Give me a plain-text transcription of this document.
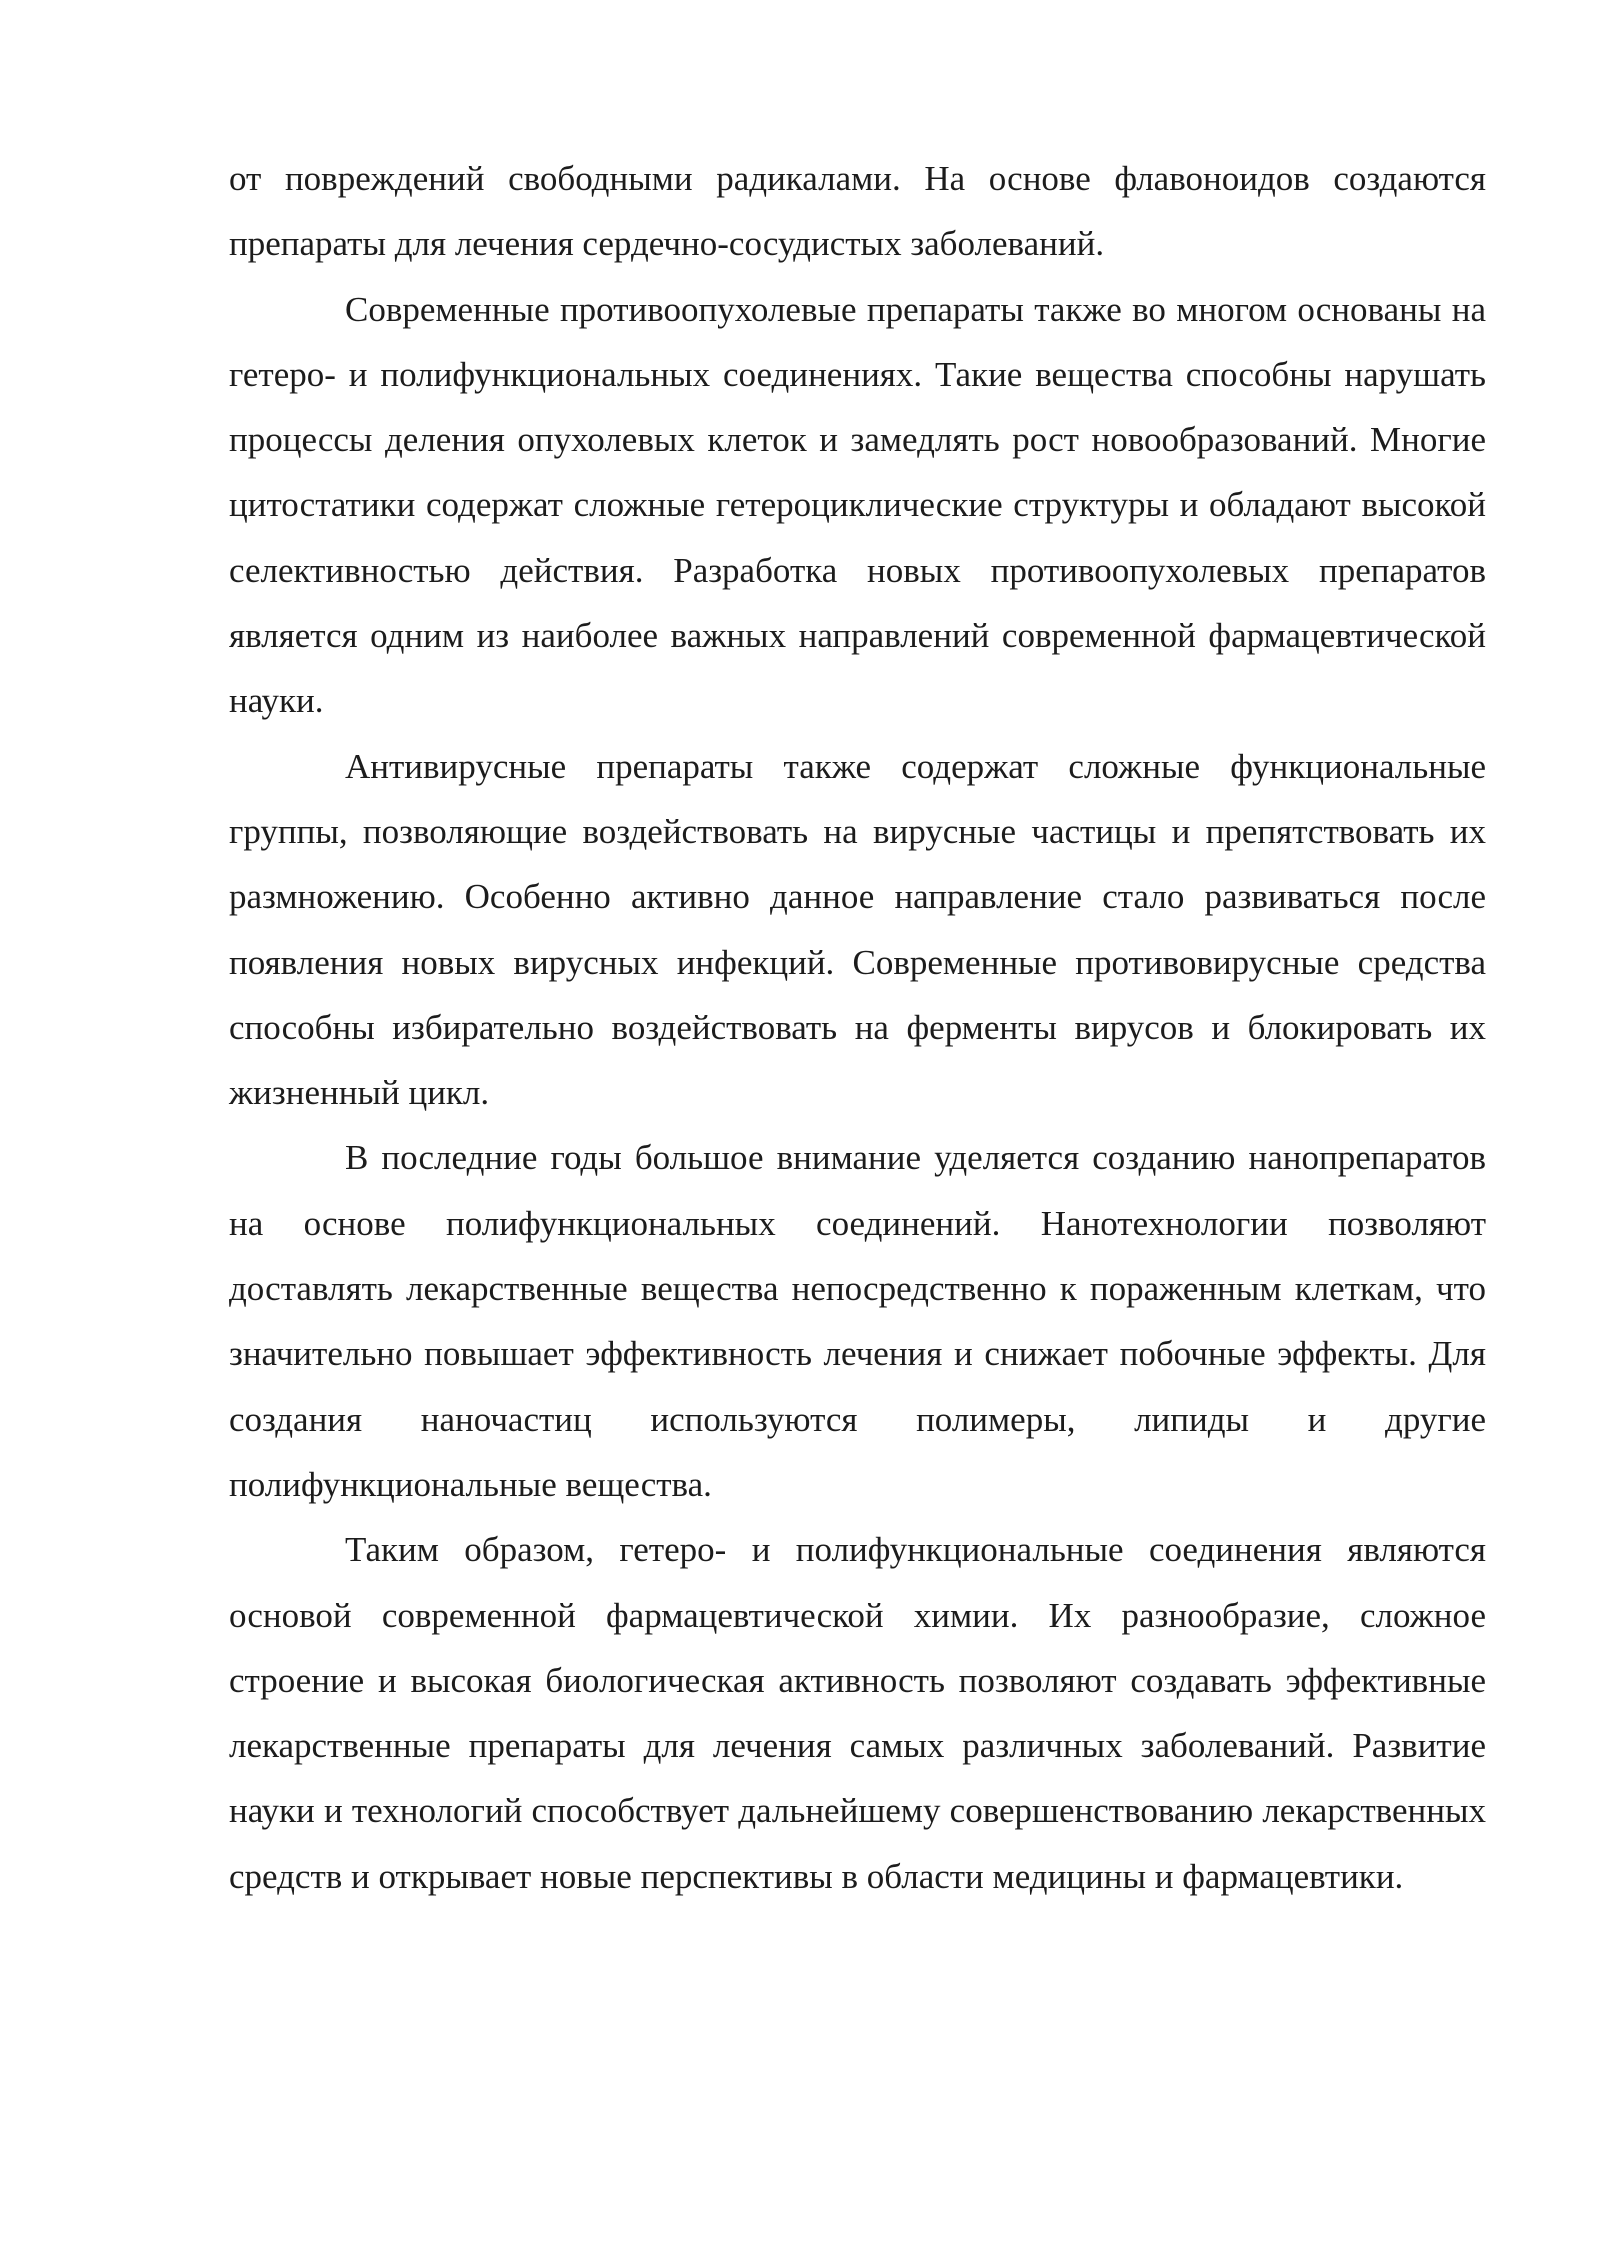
от повреждений свободными радикалами. На основе флавоноидов создаются препараты для лечения сердечно-сосудистых заболеваний.

Современные противоопухолевые препараты также во многом основаны на гетеро- и полифункциональных соединениях. Такие вещества способны нарушать процессы деления опухолевых клеток и замедлять рост новообразований. Многие цитостатики содержат сложные гетероциклические структуры и обладают высокой селективностью действия. Разработка новых противоопухолевых препаратов является одним из наиболее важных направлений современной фармацевтической науки.

Антивирусные препараты также содержат сложные функциональные группы, позволяющие воздействовать на вирусные частицы и препятствовать их размножению. Особенно активно данное направление стало развиваться после появления новых вирусных инфекций. Современные противовирусные средства способны избирательно воздействовать на ферменты вирусов и блокировать их жизненный цикл.

В последние годы большое внимание уделяется созданию нанопрепаратов на основе полифункциональных соединений. Нанотехнологии позволяют доставлять лекарственные вещества непосредственно к пораженным клеткам, что значительно повышает эффективность лечения и снижает побочные эффекты. Для создания наночастиц используются полимеры, липиды и другие полифункциональные вещества.

Таким образом, гетеро- и полифункциональные соединения являются основой современной фармацевтической химии. Их разнообразие, сложное строение и высокая биологическая активность позволяют создавать эффективные лекарственные препараты для лечения самых различных заболеваний. Развитие науки и технологий способствует дальнейшему совершенствованию лекарственных средств и открывает новые перспективы в области медицины и фармацевтики.
